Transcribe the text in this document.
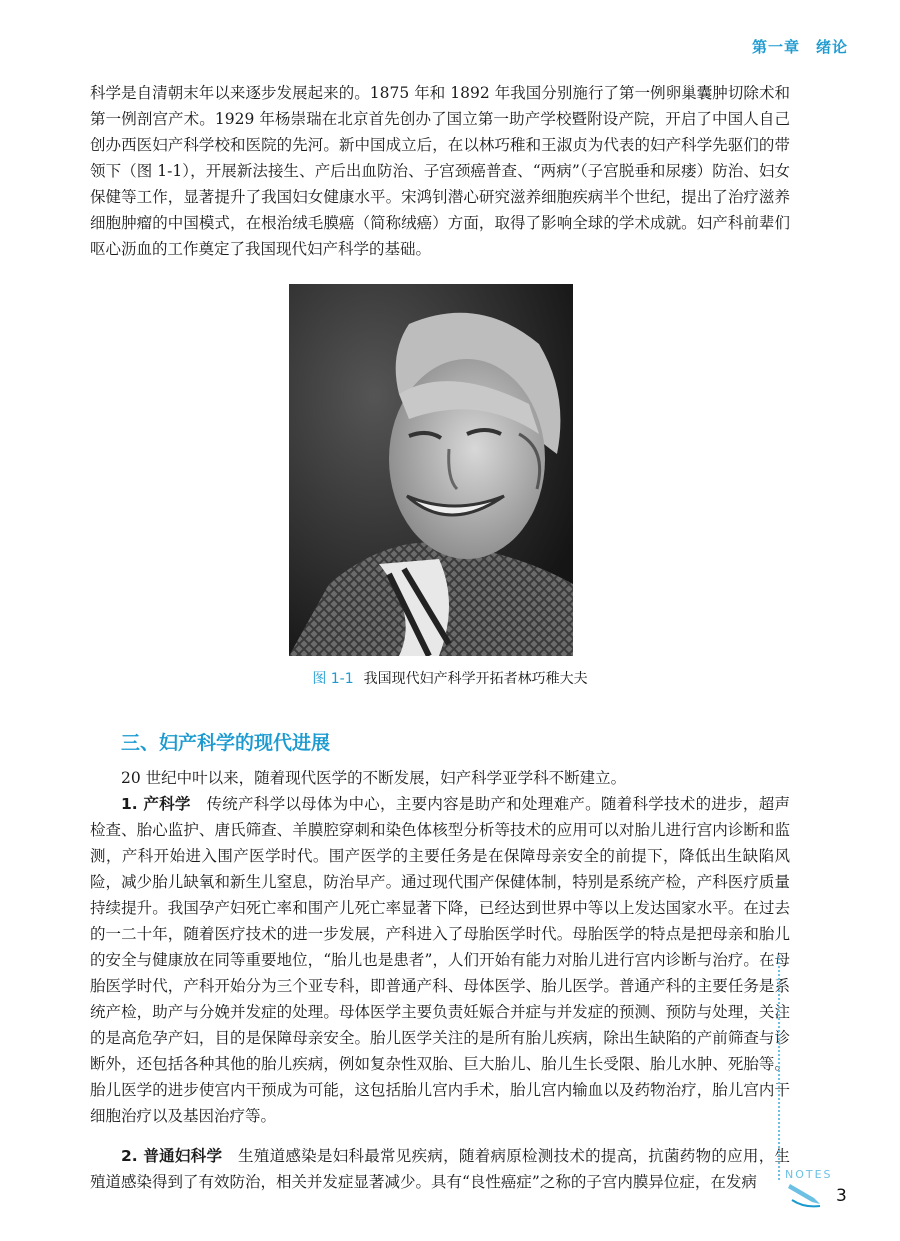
第一章　绪论

科学是自清朝末年以来逐步发展起来的。1875 年和 1892 年我国分别施行了第一例卵巢囊肿切除术和第一例剖宫产术。1929 年杨崇瑞在北京首先创办了国立第一助产学校暨附设产院，开启了中国人自己创办西医妇产科学校和医院的先河。新中国成立后，在以林巧稚和王淑贞为代表的妇产科学先驱们的带领下（图 1-1），开展新法接生、产后出血防治、子宫颈癌普查、“两病”（子宫脱垂和尿瘘）防治、妇女保健等工作，显著提升了我国妇女健康水平。宋鸿钊潜心研究滋养细胞疾病半个世纪，提出了治疗滋养细胞肿瘤的中国模式，在根治绒毛膜癌（简称绒癌）方面，取得了影响全球的学术成就。妇产科前辈们呕心沥血的工作奠定了我国现代妇产科学的基础。

图 1-1 我国现代妇产科学开拓者林巧稚大夫
三、妇产科学的现代进展

20 世纪中叶以来，随着现代医学的不断发展，妇产科学亚学科不断建立。

1. 产科学　 传统产科学以母体为中心，主要内容是助产和处理难产。随着科学技术的进步，超声检查、胎心监护、唐氏筛查、羊膜腔穿刺和染色体核型分析等技术的应用可以对胎儿进行宫内诊断和监测，产科开始进入围产医学时代。围产医学的主要任务是在保障母亲安全的前提下，降低出生缺陷风险，减少胎儿缺氧和新生儿窒息，防治早产。通过现代围产保健体制，特别是系统产检，产科医疗质量持续提升。我国孕产妇死亡率和围产儿死亡率显著下降，已经达到世界中等以上发达国家水平。在过去的一二十年，随着医疗技术的进一步发展，产科进入了母胎医学时代。母胎医学的特点是把母亲和胎儿的安全与健康放在同等重要地位，“胎儿也是患者”，人们开始有能力对胎儿进行宫内诊断与治疗。在母胎医学时代，产科开始分为三个亚专科，即普通产科、母体医学、胎儿医学。普通产科的主要任务是系统产检，助产与分娩并发症的处理。母体医学主要负责妊娠合并症与并发症的预测、预防与处理，关注的是高危孕产妇，目的是保障母亲安全。胎儿医学关注的是所有胎儿疾病，除出生缺陷的产前筛查与诊断外，还包括各种其他的胎儿疾病，例如复杂性双胎、巨大胎儿、胎儿生长受限、胎儿水肿、死胎等。胎儿医学的进步使宫内干预成为可能，这包括胎儿宫内手术，胎儿宫内输血以及药物治疗，胎儿宫内干细胞治疗以及基因治疗等。

2. 普通妇科学　 生殖道感染是妇科最常见疾病，随着病原检测技术的提高，抗菌药物的应用，生殖道感染得到了有效防治，相关并发症显著减少。具有“良性癌症”之称的子宫内膜异位症，在发病	NOTES
3
